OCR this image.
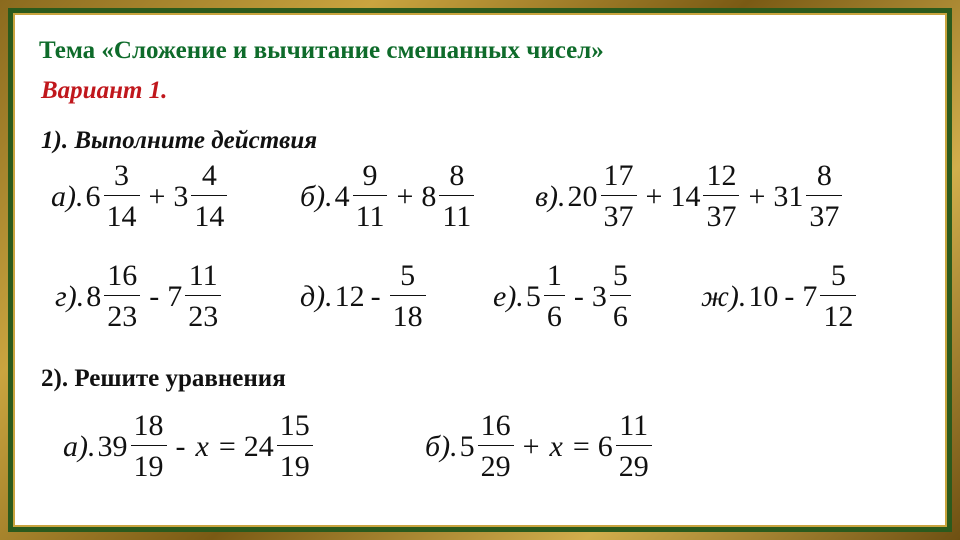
Тема «Сложение и вычитание смешанных чисел»
Вариант 1.
1). Выполните действия
а). $6 \frac{3}{14} + 3 \frac{4}{14} б$). $4 \frac{9}{11} + 8 \frac{8}{11} в$). $20 \frac{17}{37} + 14 \frac{12}{37} + 31 \frac{8}{37}$
г). $8 \frac{16}{23} - 7 \frac{11}{23}$	д). $12 - \frac{5}{18} е$). $5 \frac{1}{6} - 3 \frac{5}{6} ж$). $10 - 7 \frac{5}{12}$
2). Решите уравнения
а). $39 \frac{18}{19} - x = 24 \frac{15}{19}$	б). $5 \frac{16}{29} + x = 6 \frac{11}{29}$
